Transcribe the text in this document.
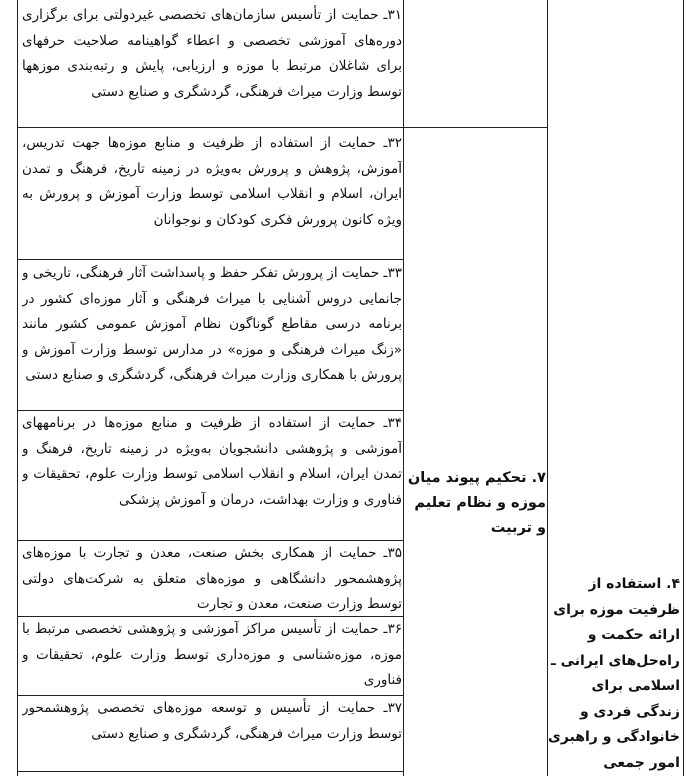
۳۱ـ حمایت از تأسیس سازمان‌های تخصصی غیردولتی برای برگزاری دوره‌های آموزشی تخصصی و اعطاء گواهینامه صلاحیت حرفهای برای شاغلان مرتبط با موزه و ارزیابی، پایش و رتبه‌بندی موزهها توسط وزارت میراث فرهنگی، گردشگری و صنایع دستی
۳۲ـ حمایت از استفاده از ظرفیت و منابع موزه‌ها جهت تدریس، آموزش، پژوهش و پرورش به‌ویژه در زمینه تاریخ، فرهنگ و تمدن ایران، اسلام و انقلاب اسلامی توسط وزارت آموزش و پرورش به ویژه کانون پرورش فکری کودکان و نوجوانان
۳۳ـ حمایت از پرورش تفکر حفظ و پاسداشت آثار فرهنگی، تاریخی و جانمایی دروس آشنایی با میراث فرهنگی و آثار موزه‌ای کشور در برنامه درسی مقاطع گوناگون نظام آموزش عمومی کشور مانند «زنگ میراث فرهنگی و موزه» در مدارس توسط وزارت آموزش و پرورش با همکاری وزارت میراث فرهنگی، گردشگری و صنایع دستی
۳۴ـ حمایت از استفاده از ظرفیت و منابع موزه‌ها در برنامههای آموزشی و پژوهشی دانشجویان به‌ویژه در زمینه تاریخ، فرهنگ و تمدن ایران، اسلام و انقلاب اسلامی توسط وزارت علوم، تحقیقات و فناوری و وزارت بهداشت، درمان و آموزش پزشکی
۳۵ـ حمایت از همکاری بخش صنعت، معدن و تجارت با موزه‌های پژوهشمحور دانشگاهی و موزه‌های متعلق به شرکت‌های دولتی توسط وزارت صنعت، معدن و تجارت
۳۶ـ حمایت از تأسیس مراکز آموزشی و پژوهشی تخصصی مرتبط با موزه، موزه‌شناسی و موزه‌داری توسط وزارت علوم، تحقیقات و فناوری
۳۷ـ حمایت از تأسیس و توسعه موزه‌های تخصصی پژوهشمحور توسط وزارت میراث فرهنگی، گردشگری و صنایع دستی
۷. تحکیم پیوند میان موزه و نظام تعلیم و تربیت
۴. استفاده از ظرفیت موزه برای ارائه حکمت و راه‌حل‌های ایرانی ـ اسلامی برای زندگی فردی و خانوادگی و راهبری امور جمعی
